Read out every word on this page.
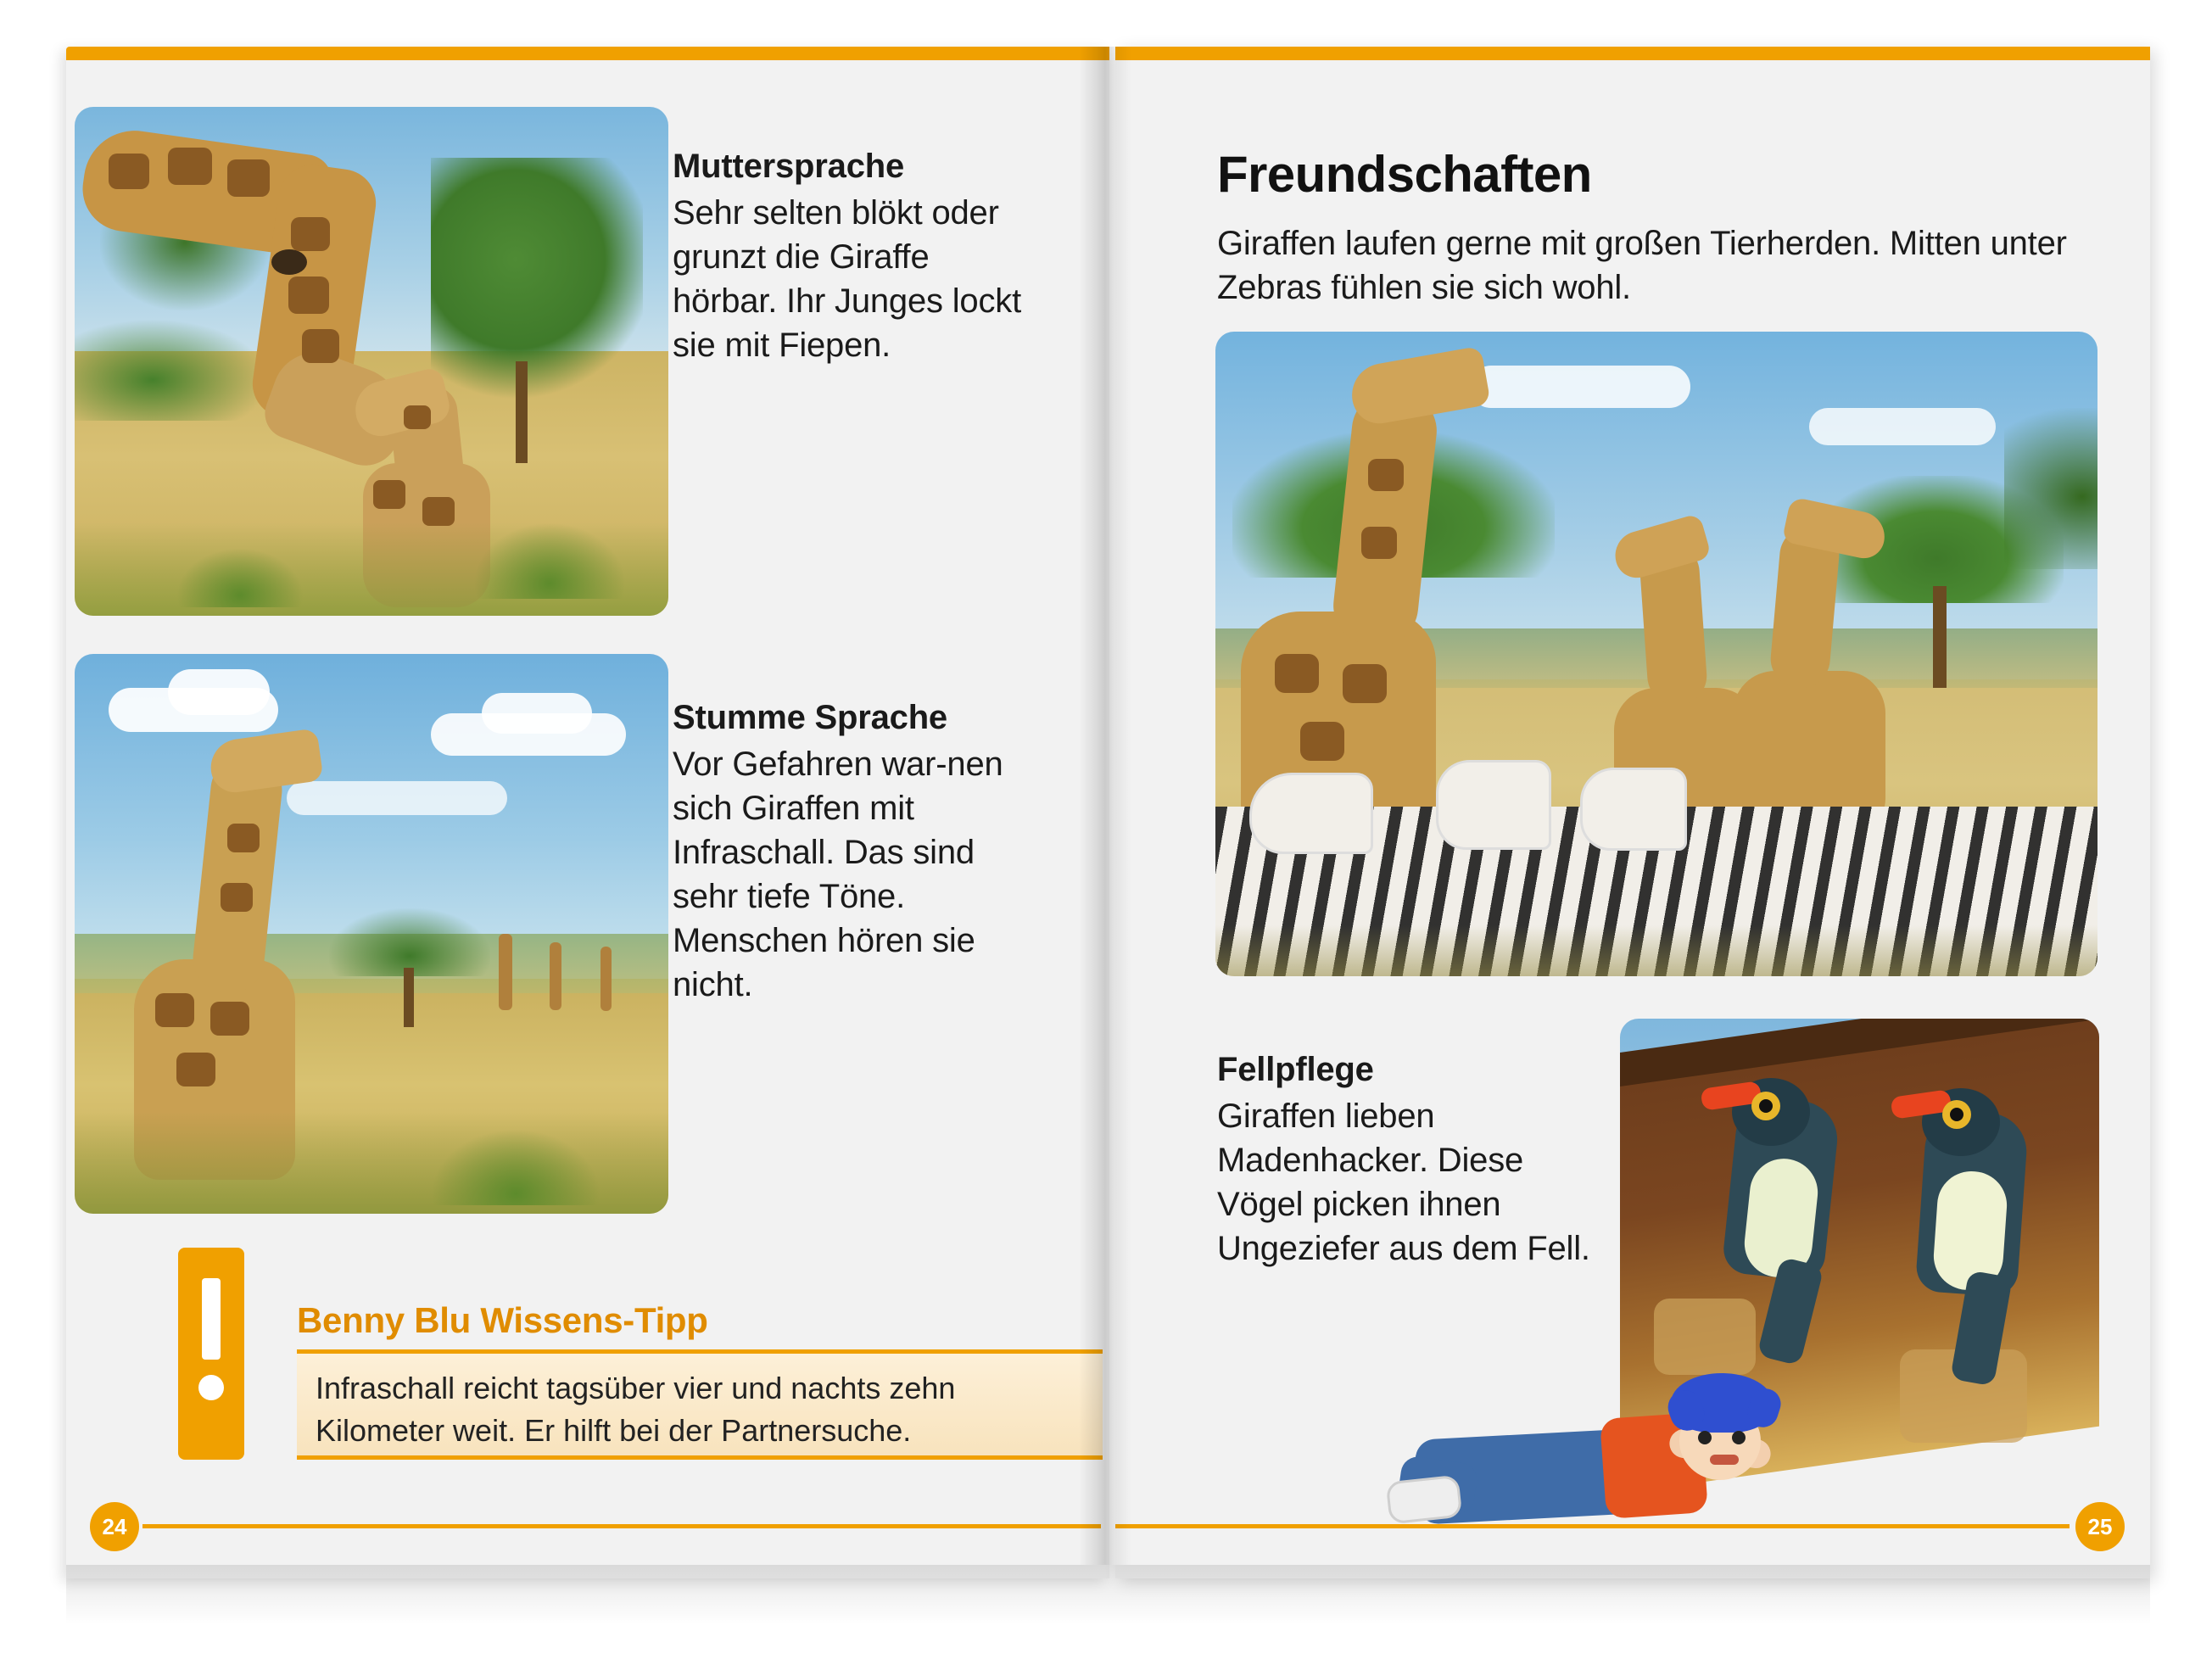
Muttersprache
Sehr selten blökt oder grunzt die Giraffe hörbar. Ihr Junges lockt sie mit Fiepen.
Stumme Sprache
Vor Gefahren war-nen sich Giraffen mit Infraschall. Das sind sehr tiefe Töne. Menschen hören sie nicht.
Benny Blu Wissens-Tipp
Infraschall reicht tagsüber vier und nachts zehn Kilometer weit. Er hilft bei der Partnersuche.
24
Freundschaften
Giraffen laufen gerne mit großen Tierherden. Mitten unter Zebras fühlen sie sich wohl.
Fellpflege
Giraffen lieben Madenhacker. Diese Vögel picken ihnen Ungeziefer aus dem Fell.
25
